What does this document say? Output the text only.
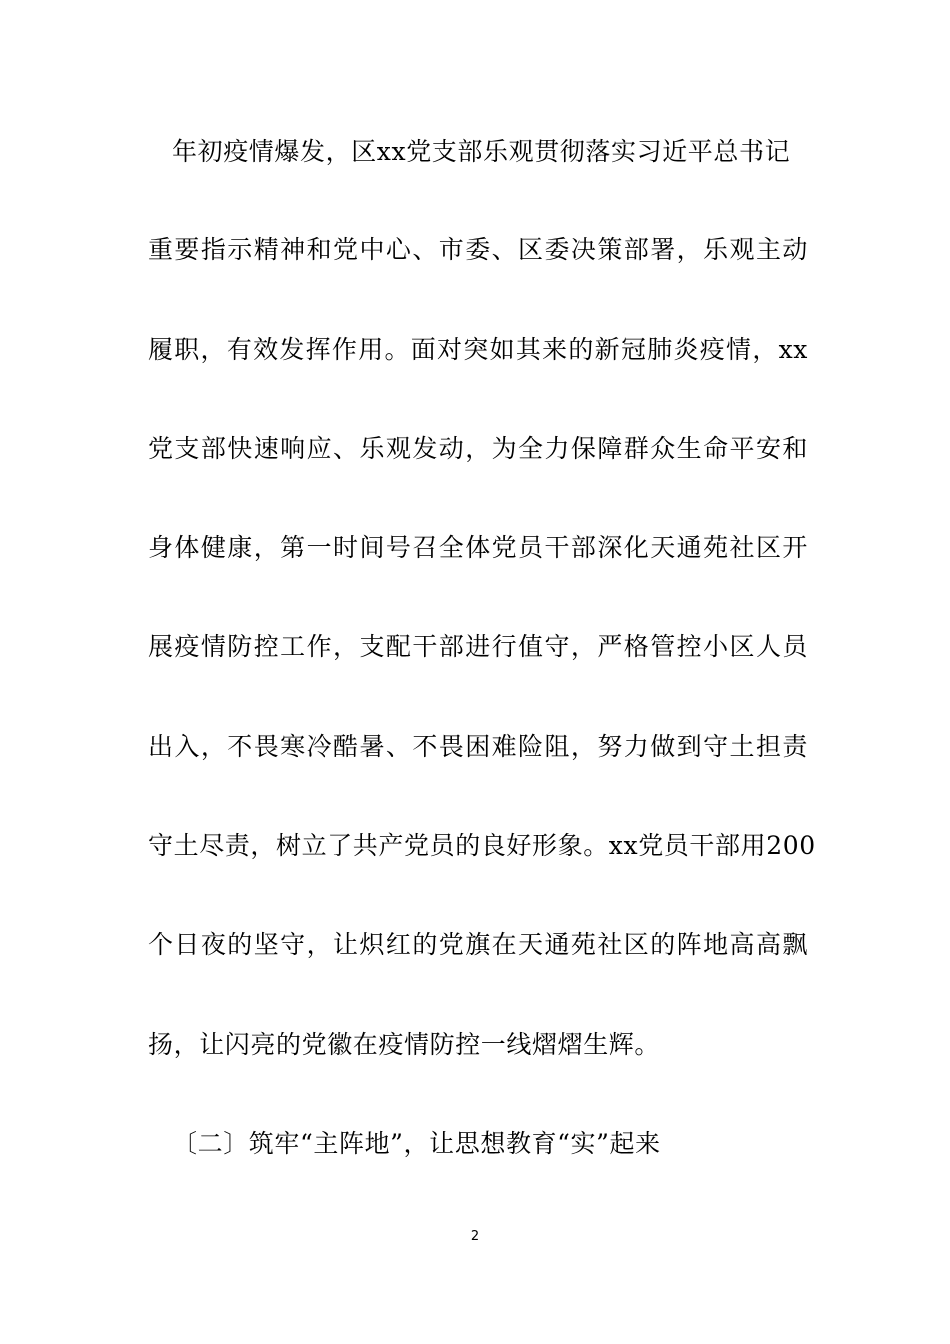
年初疫情爆发，区xx党支部乐观贯彻落实习近平总书记
重要指示精神和党中心、市委、区委决策部署，乐观主动
履职，有效发挥作用。面对突如其来的新冠肺炎疫情，xx
党支部快速响应、乐观发动，为全力保障群众生命平安和
身体健康，第一时间号召全体党员干部深化天通苑社区开
展疫情防控工作，支配干部进行值守，严格管控小区人员
出入，不畏寒冷酷暑、不畏困难险阻，努力做到守土担责
守土尽责，树立了共产党员的良好形象。xx党员干部用200
个日夜的坚守，让炽红的党旗在天通苑社区的阵地高高飘
扬，让闪亮的党徽在疫情防控一线熠熠生辉。
〔二〕筑牢“主阵地”，让思想教育“实”起来
2
